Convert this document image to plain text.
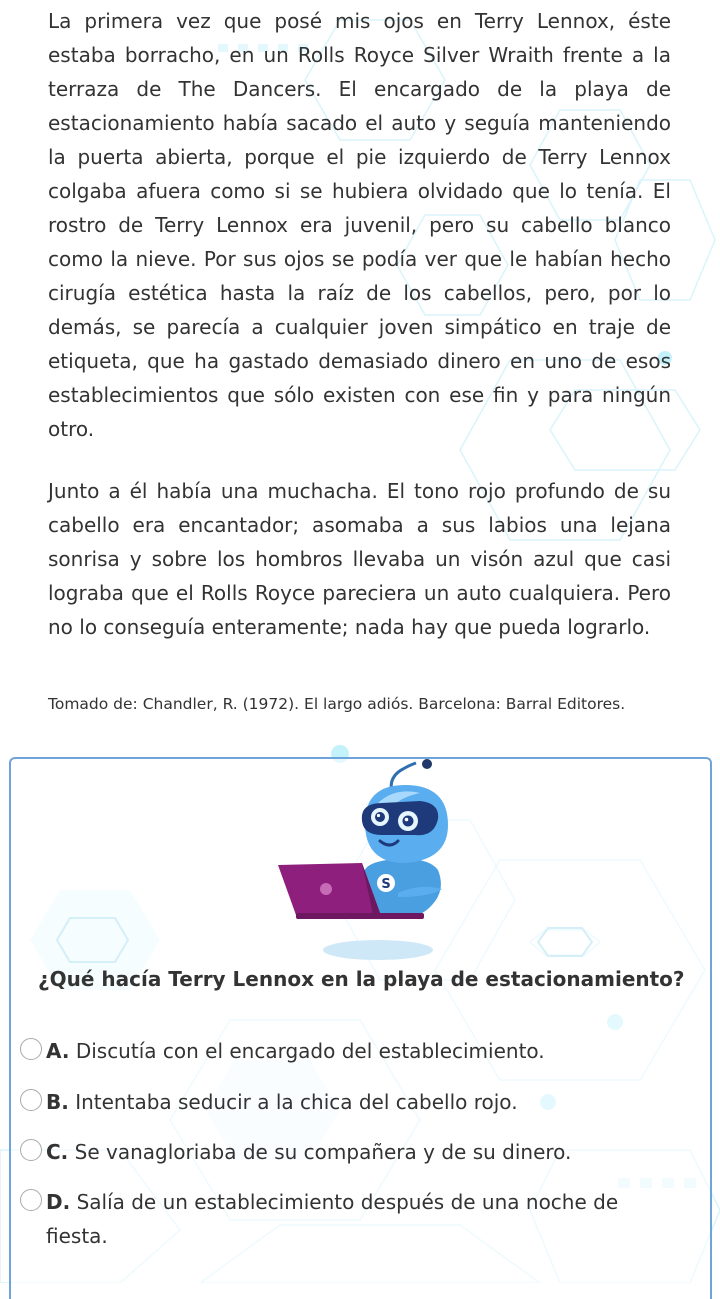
La primera vez que posé mis ojos en Terry Lennox, éste estaba borracho, en un Rolls Royce Silver Wraith frente a la terraza de The Dancers. El encargado de la playa de estacionamiento había sacado el auto y seguía manteniendo la puerta abierta, porque el pie izquierdo de Terry Lennox colgaba afuera como si se hubiera olvidado que lo tenía. El rostro de Terry Lennox era juvenil, pero su cabello blanco como la nieve. Por sus ojos se podía ver que le habían hecho cirugía estética hasta la raíz de los cabellos, pero, por lo demás, se parecía a cualquier joven simpático en traje de etiqueta, que ha gastado demasiado dinero en uno de esos establecimientos que sólo existen con ese fin y para ningún otro.

Junto a él había una muchacha. El tono rojo profundo de su cabello era encantador; asomaba a sus labios una lejana sonrisa y sobre los hombros llevaba un visón azul que casi lograba que el Rolls Royce pareciera un auto cualquiera. Pero no lo conseguía enteramente; nada hay que pueda lograrlo.

Tomado de: Chandler, R. (1972). El largo adiós. Barcelona: Barral Editores.
S
¿Qué hacía Terry Lennox en la playa de estacionamiento?
A. Discutía con el encargado del establecimiento.
B. Intentaba seducir a la chica del cabello rojo.
C. Se vanagloriaba de su compañera y de su dinero.
D. Salía de un establecimiento después de una noche de fiesta.
